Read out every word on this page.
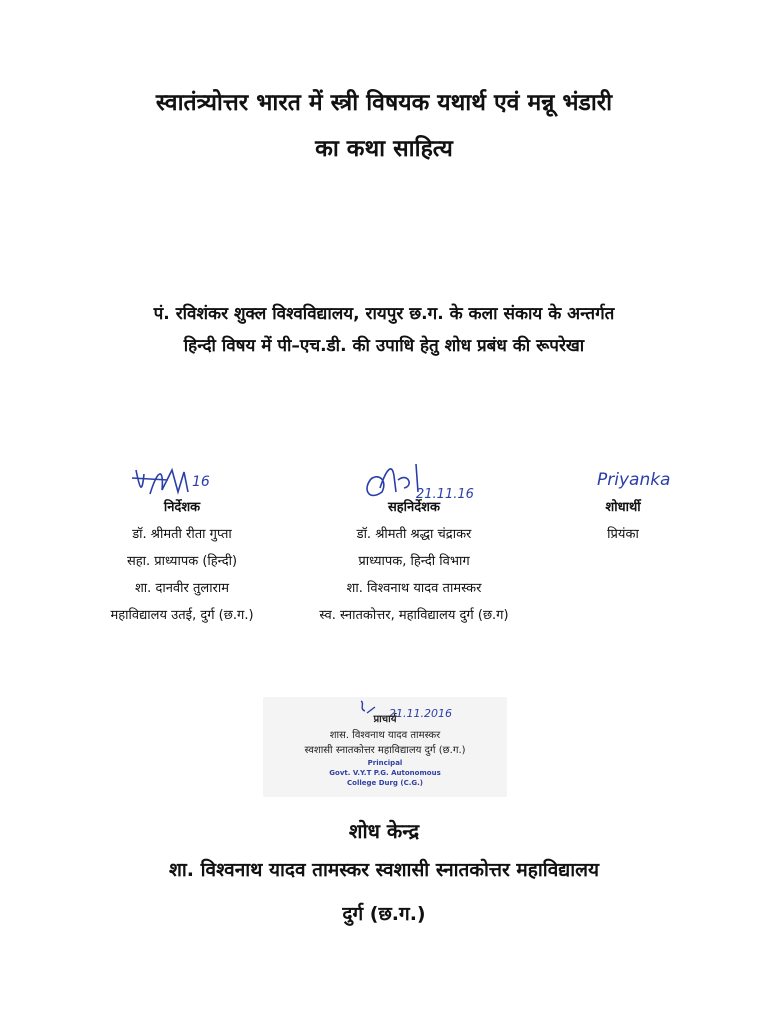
स्वातंत्र्योत्तर भारत में स्त्री विषयक यथार्थ एवं मन्नू भंडारी
का कथा साहित्य
पं. रविशंकर शुक्ल विश्वविद्यालय, रायपुर छ.ग. के कला संकाय के अन्तर्गत
हिन्दी विषय में पी–एच.डी. की उपाधि हेतु शोध प्रबंध की रूपरेखा
16
21.11.16
Priyanka
निर्देशक
डॉ. श्रीमती रीता गुप्ता
सहा. प्राध्यापक (हिन्दी)
शा. दानवीर तुलाराम
महाविद्यालय उतई, दुर्ग (छ.ग.)
सहनिर्देशक
डॉ. श्रीमती श्रद्धा चंद्राकर
प्राध्यापक, हिन्दी विभाग
शा. विश्वनाथ यादव तामस्कर
स्व. स्नातकोत्तर, महाविद्यालय दुर्ग (छ.ग)
शोधार्थी
प्रियंका
21.11.2016
प्राचार्य
शास. विश्वनाथ यादव तामस्कर
स्वशासी स्नातकोत्तर महाविद्यालय दुर्ग (छ.ग.)
Principal
Govt. V.Y.T P.G. Autonomous
College Durg (C.G.)
शोध केन्द्र
शा. विश्वनाथ यादव तामस्कर स्वशासी स्नातकोत्तर महाविद्यालय
दुर्ग (छ.ग.)
